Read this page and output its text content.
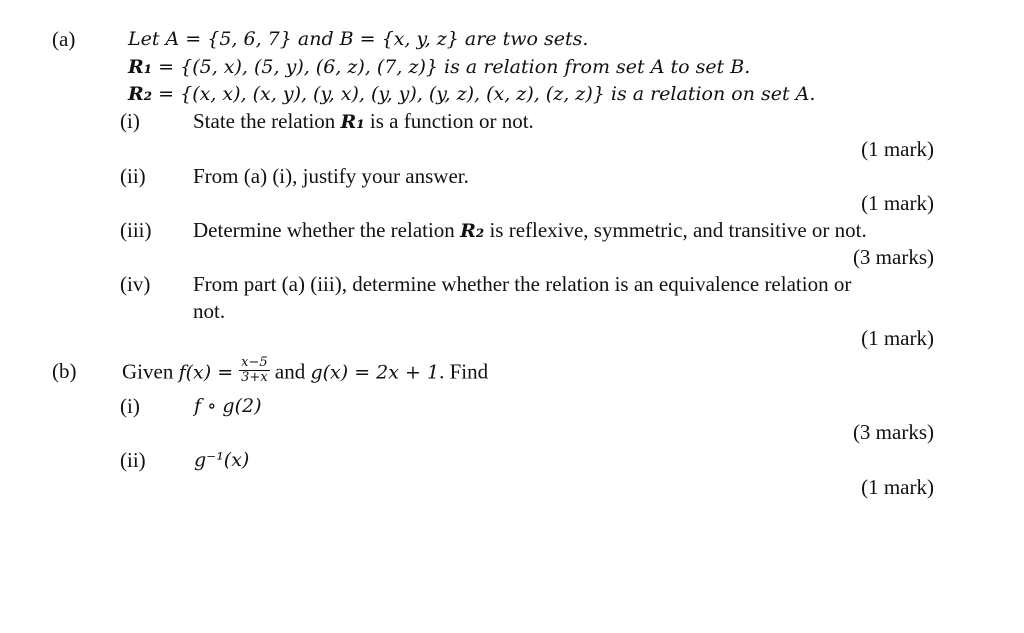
(a)	Let A = {5, 6, 7} and B = {x, y, z} are two sets.
R₁ = {(5, x), (5, y), (6, z), (7, z)} is a relation from set A to set B.
R₂ = {(x, x), (x, y), (y, x), (y, y), (y, z), (x, z), (z, z)} is a relation on set A.
(i)	State the relation R₁ is a function or not.
(1 mark)
(ii) From (a) (i), justify your answer.
(1 mark)
(iii) Determine whether the relation R₂ is reflexive, symmetric, and transitive or not.
(3 marks)
(iv) From part (a) (iii), determine whether the relation is an equivalence relation or
not.
(1 mark)
(b) Given $f(x) = \frac{x-5}{3+x}$ and g(x) = 2x + 1. Find
(i)	f ∘ g(2)
(3 marks)
(ii)	g⁻¹(x)
(1 mark)
